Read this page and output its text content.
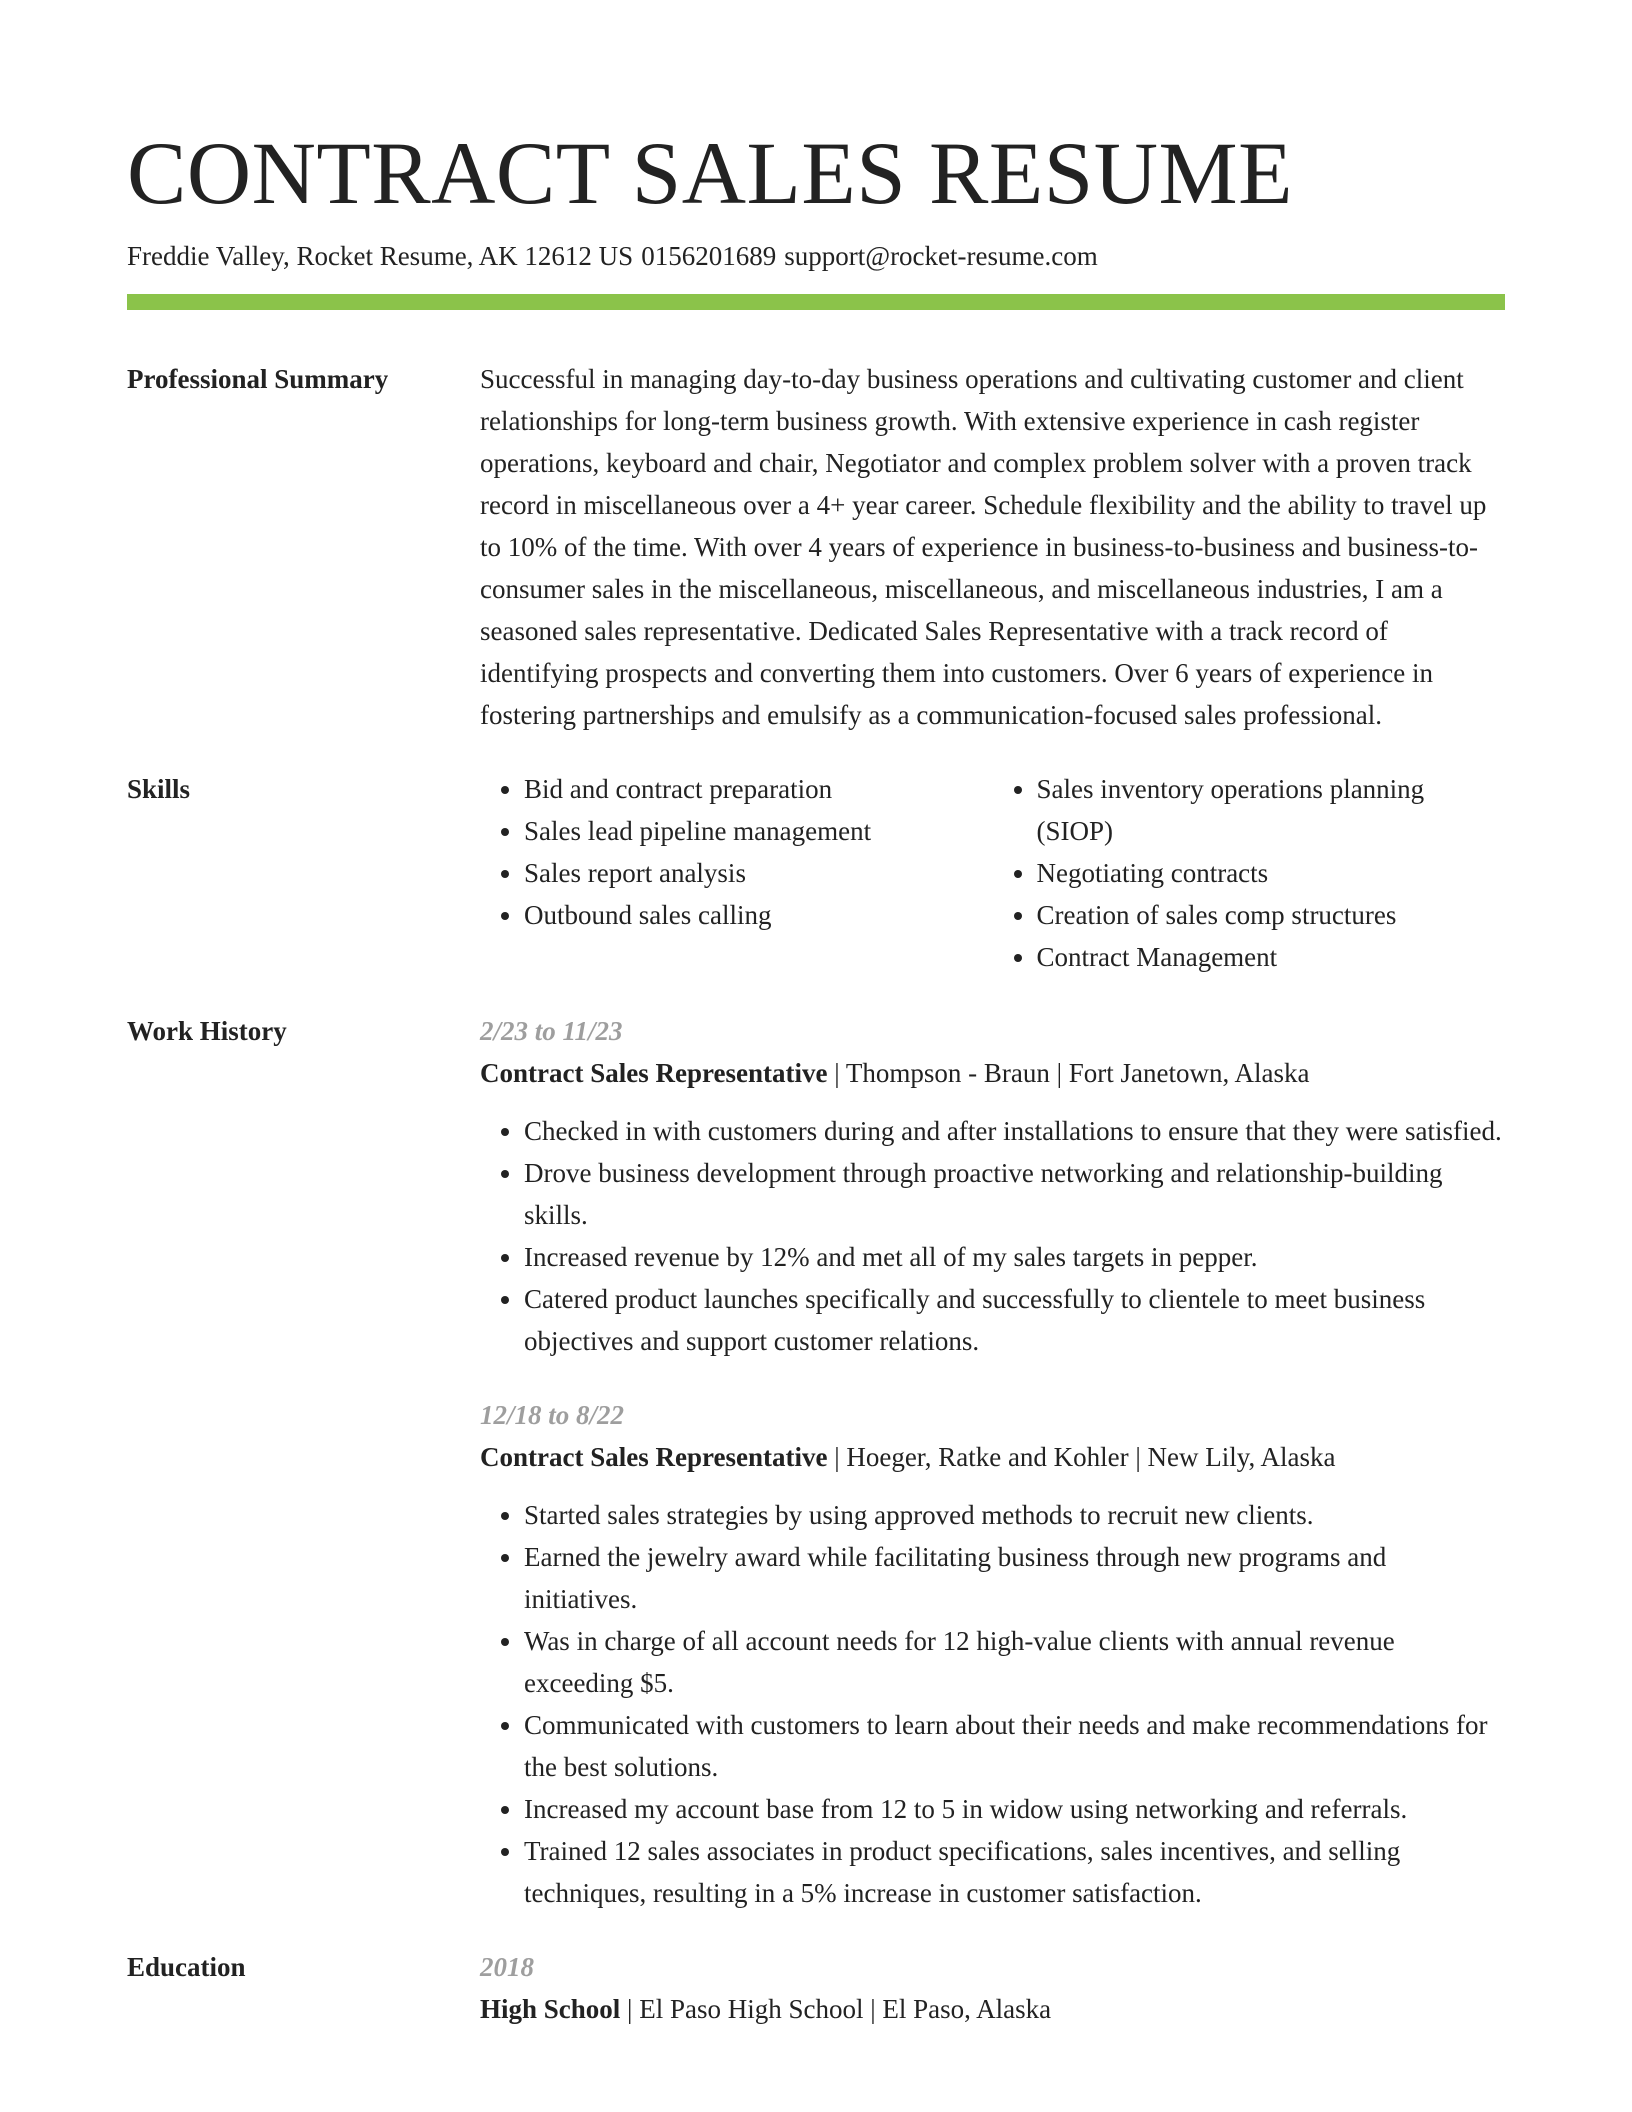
CONTRACT SALES RESUME
Freddie Valley, Rocket Resume, AK 12612 US 0156201689 support@rocket-resume.com
Professional Summary	Successful in managing day-to-day business operations and cultivating customer and client relationships for long-term business growth. With extensive experience in cash register operations, keyboard and chair, Negotiator and complex problem solver with a proven track record in miscellaneous over a 4+ year career. Schedule flexibility and the ability to travel up to 10% of the time. With over 4 years of experience in business-to-business and business-to-consumer sales in the miscellaneous, miscellaneous, and miscellaneous industries, I am a seasoned sales representative. Dedicated Sales Representative with a track record of identifying prospects and converting them into customers. Over 6 years of experience in fostering partnerships and emulsify as a communication-focused sales professional.

Skills
•	Bid and contract preparation
• Sales lead pipeline management
• Sales report analysis
• Outbound sales calling
• Sales inventory operations planning (SIOP)
• Negotiating contracts
• Creation of sales comp structures
• Contract Management
Work History	2/23 to 11/23
Contract Sales Representative | Thompson - Braun | Fort Janetown, Alaska
• Checked in with customers during and after installations to ensure that they were satisfied.
• Drove business development through proactive networking and relationship-building skills.
• Increased revenue by 12% and met all of my sales targets in pepper.
• Catered product launches specifically and successfully to clientele to meet business objectives and support customer relations.
12/18 to 8/22
Contract Sales Representative | Hoeger, Ratke and Kohler | New Lily, Alaska
• Started sales strategies by using approved methods to recruit new clients.
• Earned the jewelry award while facilitating business through new programs and initiatives.
• Was in charge of all account needs for 12 high-value clients with annual revenue exceeding $5.
• Communicated with customers to learn about their needs and make recommendations for the best solutions.
• Increased my account base from 12 to 5 in widow using networking and referrals.
• Trained 12 sales associates in product specifications, sales incentives, and selling techniques, resulting in a 5% increase in customer satisfaction.
Education	2018
High School | El Paso High School | El Paso, Alaska
